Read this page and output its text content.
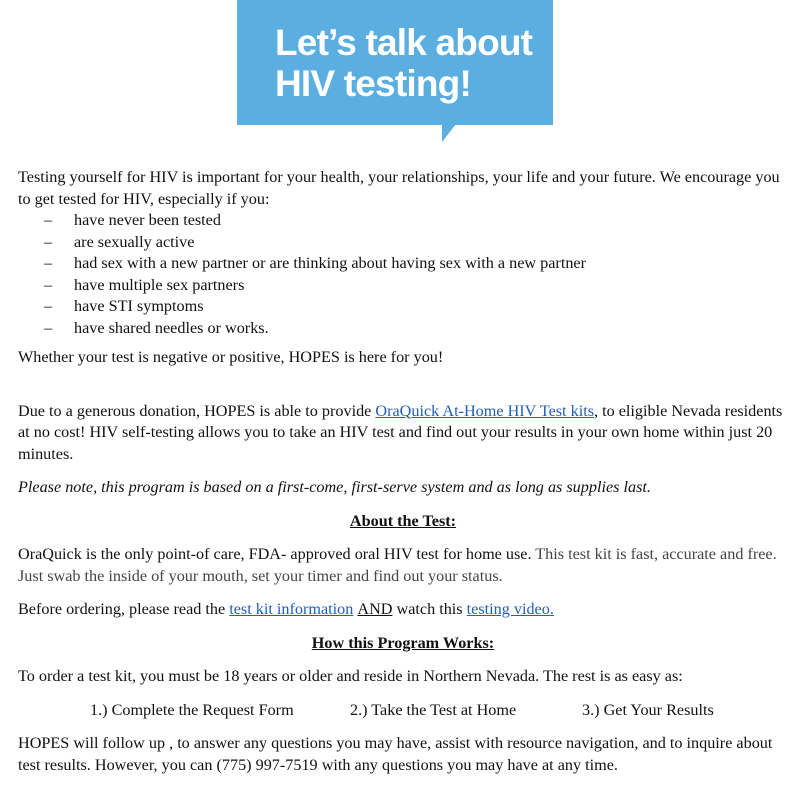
Let’s talk about
HIV testing!

Testing yourself for HIV is important for your health, your relationships, your life and your future. We encourage you to get tested for HIV, especially if you:

– have never been tested
– are sexually active
– had sex with a new partner or are thinking about having sex with a new partner
– have multiple sex partners
– have STI symptoms
– have shared needles or works.

Whether your test is negative or positive, HOPES is here for you!

Due to a generous donation, HOPES is able to provide OraQuick At-Home HIV Test kits, to eligible Nevada residents at no cost! HIV self-testing allows you to take an HIV test and find out your results in your own home within just 20 minutes.

Please note, this program is based on a first-come, first-serve system and as long as supplies last.

About the Test:

OraQuick is the only point-of care, FDA- approved oral HIV test for home use. This test kit is fast, accurate and free. Just swab the inside of your mouth, set your timer and find out your status.

Before ordering, please read the test kit information AND watch this testing video.

How this Program Works:

To order a test kit, you must be 18 years or older and reside in Northern Nevada. The rest is as easy as:

1.) Complete the Request Form	2.) Take the Test at Home	3.) Get Your Results

HOPES will follow up , to answer any questions you may have, assist with resource navigation, and to inquire about test results. However, you can (775) 997-7519 with any questions you may have at any time.
